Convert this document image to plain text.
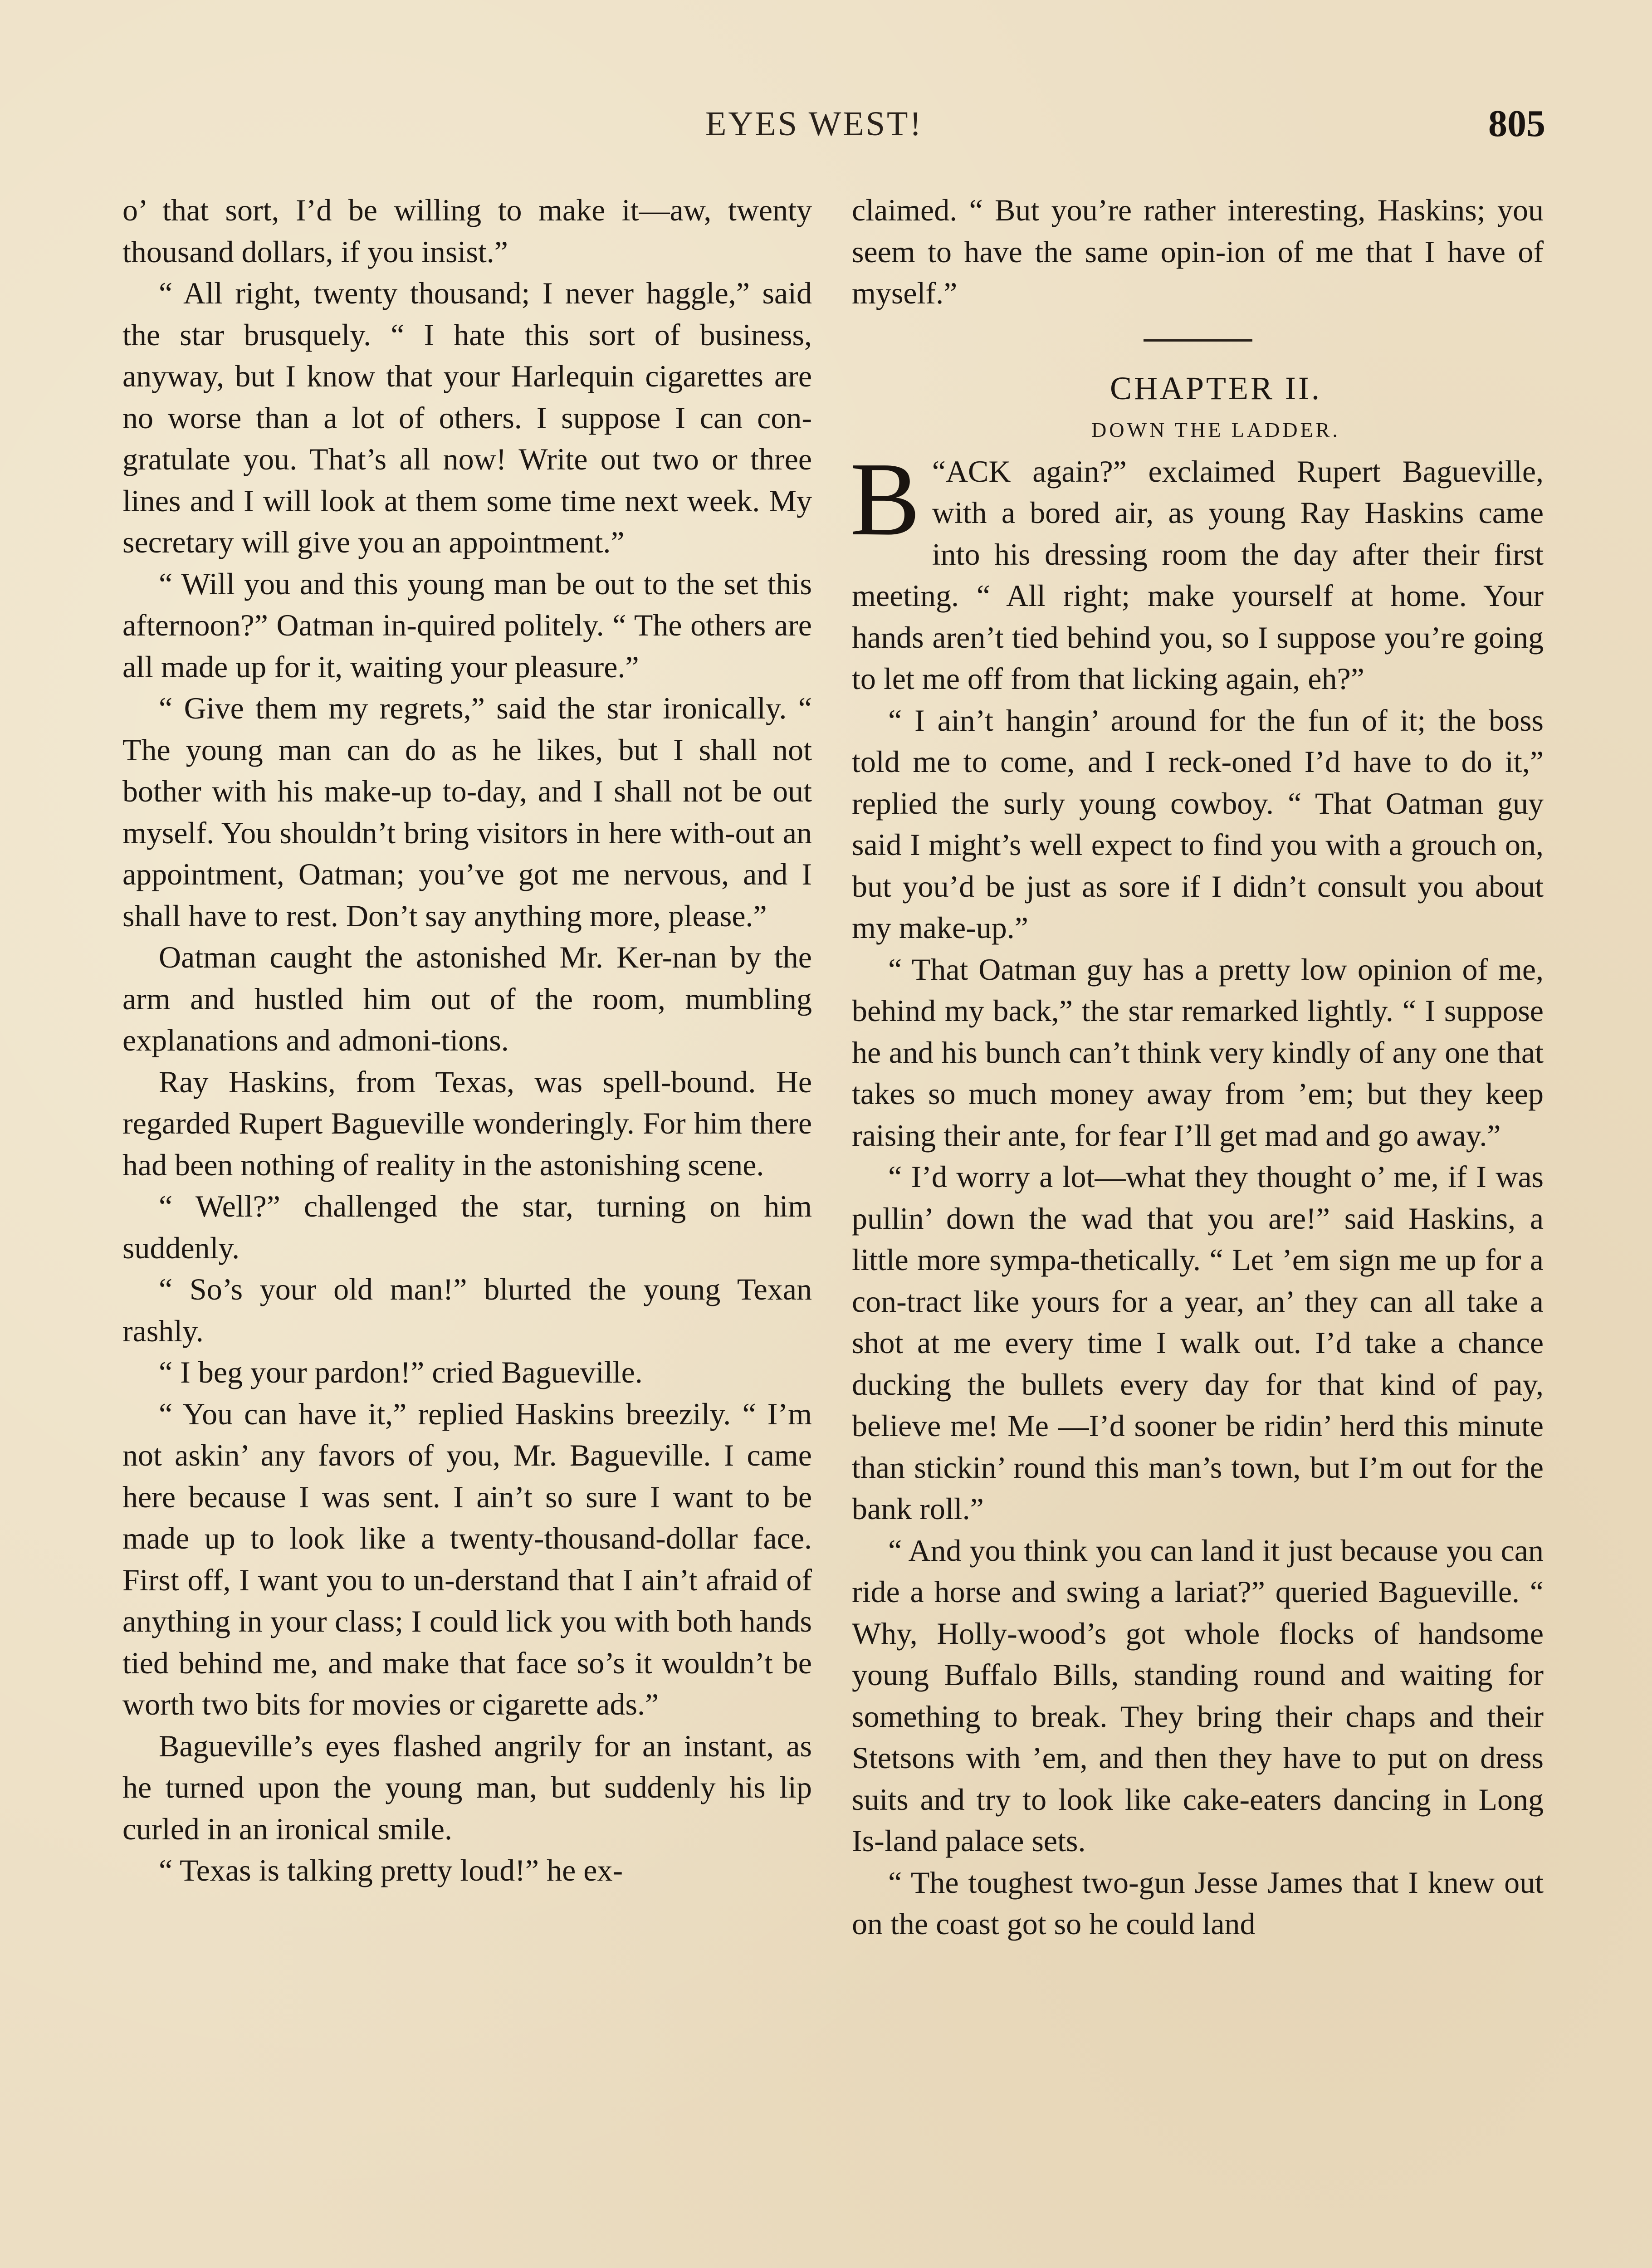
EYES WEST!	805

o’ that sort, I’d be willing to make it—aw, twenty thousand dollars, if you insist.”

“ All right, twenty thousand; I never haggle,” said the star brusquely. “ I hate this sort of business, anyway, but I know that your Harlequin cigarettes are no worse than a lot of others. I suppose I can con-gratulate you. That’s all now! Write out two or three lines and I will look at them some time next week. My secretary will give you an appointment.”

“ Will you and this young man be out to the set this afternoon?” Oatman in-quired politely. “ The others are all made up for it, waiting your pleasure.”

“ Give them my regrets,” said the star ironically. “ The young man can do as he likes, but I shall not bother with his make-up to-day, and I shall not be out myself. You shouldn’t bring visitors in here with-out an appointment, Oatman; you’ve got me nervous, and I shall have to rest. Don’t say anything more, please.”

Oatman caught the astonished Mr. Ker-nan by the arm and hustled him out of the room, mumbling explanations and admoni-tions.

Ray Haskins, from Texas, was spell-bound. He regarded Rupert Bagueville wonderingly. For him there had been nothing of reality in the astonishing scene.

“ Well?” challenged the star, turning on him suddenly.

“ So’s your old man!” blurted the young Texan rashly.

“ I beg your pardon!” cried Bagueville.

“ You can have it,” replied Haskins breezily. “ I’m not askin’ any favors of you, Mr. Bagueville. I came here because I was sent. I ain’t so sure I want to be made up to look like a twenty-thousand-dollar face. First off, I want you to un-derstand that I ain’t afraid of anything in your class; I could lick you with both hands tied behind me, and make that face so’s it wouldn’t be worth two bits for movies or cigarette ads.”

Bagueville’s eyes flashed angrily for an instant, as he turned upon the young man, but suddenly his lip curled in an ironical smile.

“ Texas is talking pretty loud!” he ex-

claimed. “ But you’re rather interesting, Haskins; you seem to have the same opin-ion of me that I have of myself.”

CHAPTER II.

DOWN THE LADDER.

“
B ACK again?” exclaimed Rupert Bagueville, with a bored air, as young Ray Haskins came into his dressing room the day after their first meeting. “ All right; make yourself at home. Your hands aren’t tied behind you, so I suppose you’re going to let me off from that licking again, eh?”

“ I ain’t hangin’ around for the fun of it; the boss told me to come, and I reck-oned I’d have to do it,” replied the surly young cowboy. “ That Oatman guy said I might’s well expect to find you with a grouch on, but you’d be just as sore if I didn’t consult you about my make-up.”

“ That Oatman guy has a pretty low opinion of me, behind my back,” the star remarked lightly. “ I suppose he and his bunch can’t think very kindly of any one that takes so much money away from ’em; but they keep raising their ante, for fear I’ll get mad and go away.”

“ I’d worry a lot—what they thought o’ me, if I was pullin’ down the wad that you are!” said Haskins, a little more sympa-thetically. “ Let ’em sign me up for a con-tract like yours for a year, an’ they can all take a shot at me every time I walk out. I’d take a chance ducking the bullets every day for that kind of pay, believe me! Me —I’d sooner be ridin’ herd this minute than stickin’ round this man’s town, but I’m out for the bank roll.”

“ And you think you can land it just because you can ride a horse and swing a lariat?” queried Bagueville. “ Why, Holly-wood’s got whole flocks of handsome young Buffalo Bills, standing round and waiting for something to break. They bring their chaps and their Stetsons with ’em, and then they have to put on dress suits and try to look like cake-eaters dancing in Long Is-land palace sets.

“ The toughest two-gun Jesse James that I knew out on the coast got so he could land
